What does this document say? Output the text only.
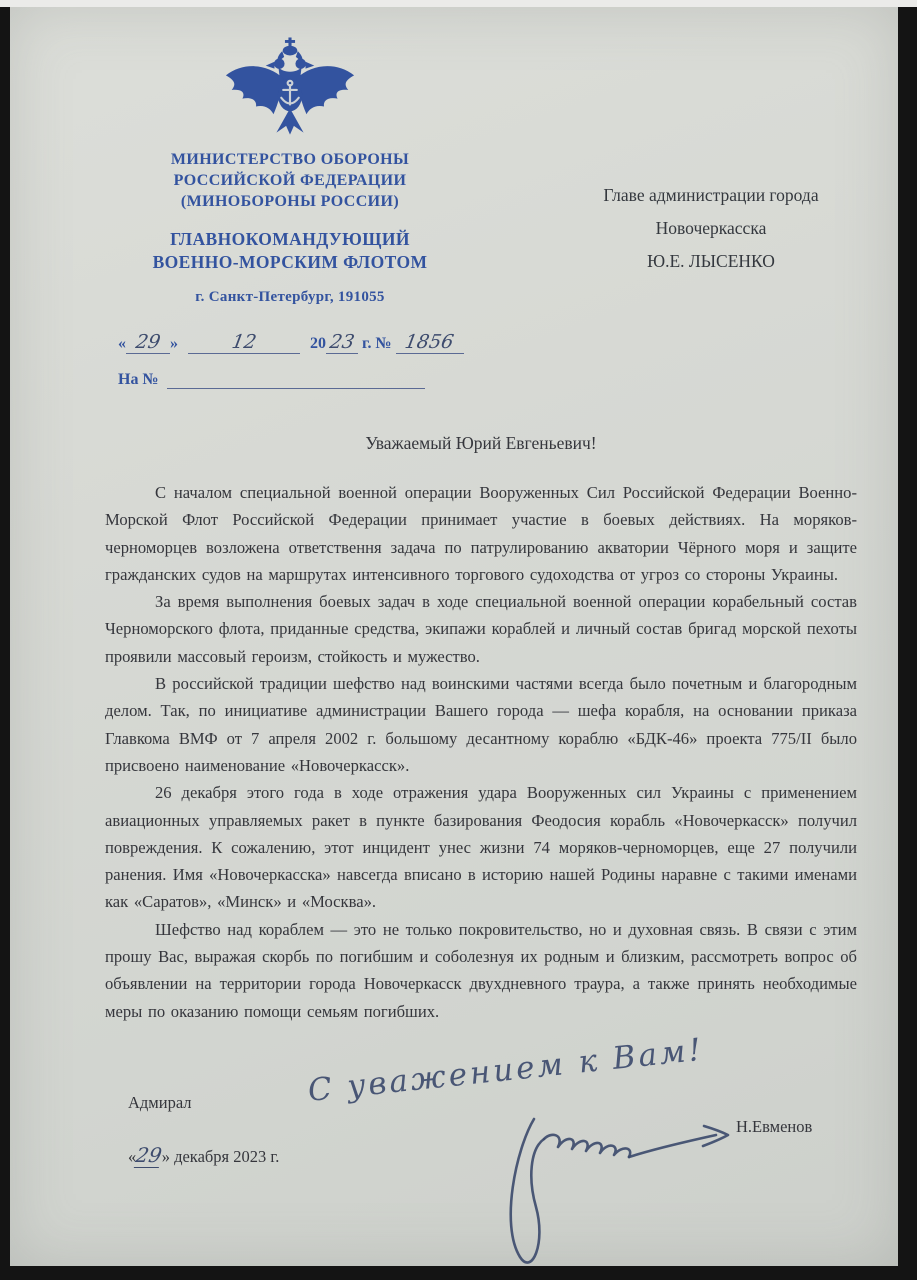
МИНИСТЕРСТВО ОБОРОНЫ
РОССИЙСКОЙ ФЕДЕРАЦИИ
(МИНОБОРОНЫ РОССИИ)
ГЛАВНОКОМАНДУЮЩИЙ
ВОЕННО-МОРСКИМ ФЛОТОМ
г. Санкт-Петербург, 191055
Главе администрации города
Новочеркасска
Ю.Е. ЛЫСЕНКО
« 29 »	12	20 23 г. № 1856
На №
Уважаемый Юрий Евгеньевич!

С началом специальной военной операции Вооруженных Сил Российской Федерации Военно-Морской Флот Российской Федерации принимает участие в боевых действиях. На моряков-черноморцев возложена ответствення задача по патрулированию акватории Чёрного моря и защите гражданских судов на маршрутах интенсивного торгового судоходства от угроз со стороны Украины.

За время выполнения боевых задач в ходе специальной военной операции корабельный состав Черноморского флота, приданные средства, экипажи кораблей и личный состав бригад морской пехоты проявили массовый героизм, стойкость и мужество.

В российской традиции шефство над воинскими частями всегда было почетным и благородным делом. Так, по инициативе администрации Вашего города — шефа корабля, на основании приказа Главкома ВМФ от 7 апреля 2002 г. большому десантному кораблю «БДК-46» проекта 775/II было присвоено наименование «Новочеркасск».

26 декабря этого года в ходе отражения удара Вооруженных сил Украины с применением авиационных управляемых ракет в пункте базирования Феодосия корабль «Новочеркасск» получил повреждения. К сожалению, этот инцидент унес жизни 74 моряков-черноморцев, еще 27 получили ранения. Имя «Новочеркасска» навсегда вписано в историю нашей Родины наравне с такими именами как «Саратов», «Минск» и «Москва».

Шефство над кораблем — это не только покровительство, но и духовная связь. В связи с этим прошу Вас, выражая скорбь по погибшим и соболезнуя их родным и близким, рассмотреть вопрос об объявлении на территории города Новочеркасск двухдневного траура, а также принять необходимые меры по оказанию помощи семьям погибших.

Адмирал
«29» декабря 2023 г.
Н.Евменов
С уважением к Вам!
